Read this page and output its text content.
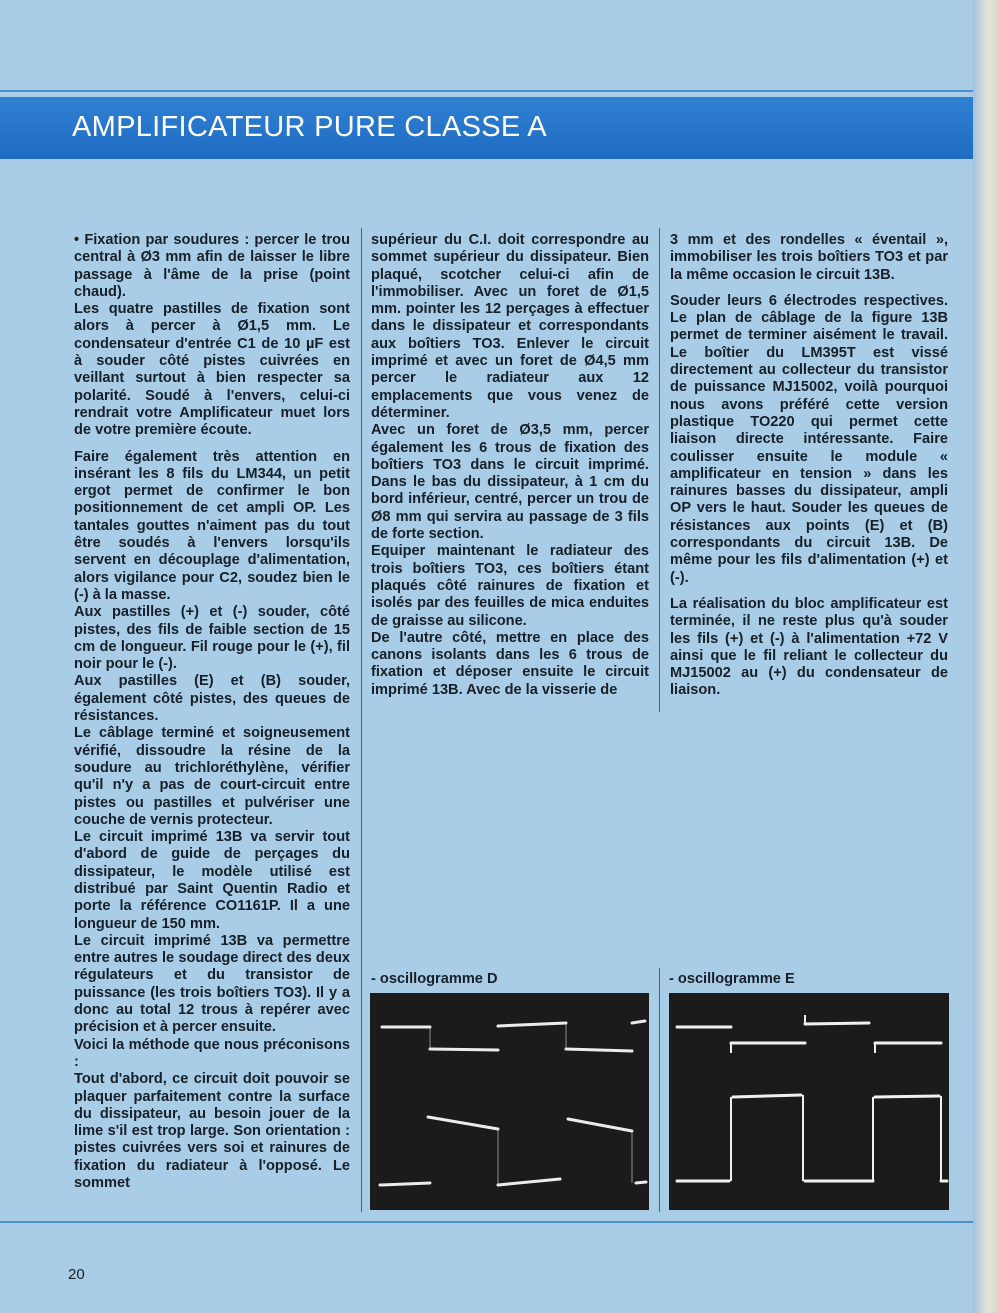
AMPLIFICATEUR PURE CLASSE A

• Fixation par soudures : percer le trou central à Ø3 mm afin de laisser le libre passage à l'âme de la prise (point chaud).

Les quatre pastilles de fixation sont alors à percer à Ø1,5 mm. Le condensateur d'entrée C1 de 10 µF est à souder côté pistes cuivrées en veillant surtout à bien respecter sa polarité. Soudé à l'envers, celui-ci rendrait votre Amplificateur muet lors de votre première écoute.

Faire également très attention en insérant les 8 fils du LM344, un petit ergot permet de confirmer le bon positionnement de cet ampli OP. Les tantales gouttes n'aiment pas du tout être soudés à l'envers lorsqu'ils servent en découplage d'alimentation, alors vigilance pour C2, soudez bien le (-) à la masse.

Aux pastilles (+) et (-) souder, côté pistes, des fils de faible section de 15 cm de longueur. Fil rouge pour le (+), fil noir pour le (-).

Aux pastilles (E) et (B) souder, également côté pistes, des queues de résistances.

Le câblage terminé et soigneusement vérifié, dissoudre la résine de la soudure au trichloréthylène, vérifier qu'il n'y a pas de court-circuit entre pistes ou pastilles et pulvériser une couche de vernis protecteur.

Le circuit imprimé 13B va servir tout d'abord de guide de perçages du dissipateur, le modèle utilisé est distribué par Saint Quentin Radio et porte la référence CO1161P. Il a une longueur de 150 mm.

Le circuit imprimé 13B va permettre entre autres le soudage direct des deux régulateurs et du transistor de puissance (les trois boîtiers TO3). Il y a donc au total 12 trous à repérer avec précision et à percer ensuite.

Voici la méthode que nous préconisons :

Tout d'abord, ce circuit doit pouvoir se plaquer parfaitement contre la surface du dissipateur, au besoin jouer de la lime s'il est trop large. Son orientation : pistes cuivrées vers soi et rainures de fixation du radiateur à l'opposé. Le sommet

supérieur du C.I. doit correspondre au sommet supérieur du dissipateur. Bien plaqué, scotcher celui-ci afin de l'immobiliser. Avec un foret de Ø1,5 mm. pointer les 12 perçages à effectuer dans le dissipateur et correspondants aux boîtiers TO3. Enlever le circuit imprimé et avec un foret de Ø4,5 mm percer le radiateur aux 12 emplacements que vous venez de déterminer.

Avec un foret de Ø3,5 mm, percer également les 6 trous de fixation des boîtiers TO3 dans le circuit imprimé. Dans le bas du dissipateur, à 1 cm du bord inférieur, centré, percer un trou de Ø8 mm qui servira au passage de 3 fils de forte section.

Equiper maintenant le radiateur des trois boîtiers TO3, ces boîtiers étant plaqués côté rainures de fixation et isolés par des feuilles de mica enduites de graisse au silicone.

De l'autre côté, mettre en place des canons isolants dans les 6 trous de fixation et déposer ensuite le circuit imprimé 13B. Avec de la visserie de

3 mm et des rondelles « éventail », immobiliser les trois boîtiers TO3 et par la même occasion le circuit 13B.

Souder leurs 6 électrodes respectives. Le plan de câblage de la figure 13B permet de terminer aisément le travail. Le boîtier du LM395T est vissé directement au collecteur du transistor de puissance MJ15002, voilà pourquoi nous avons préféré cette version plastique TO220 qui permet cette liaison directe intéressante. Faire coulisser ensuite le module « amplificateur en tension » dans les rainures basses du dissipateur, ampli OP vers le haut. Souder les queues de résistances aux points (E) et (B) correspondants du circuit 13B. De même pour les fils d'alimentation (+) et (-).

La réalisation du bloc amplificateur est terminée, il ne reste plus qu'à souder les fils (+) et (-) à l'alimentation +72 V ainsi que le fil reliant le collecteur du MJ15002 au (+) du condensateur de liaison.

- oscillogramme D	- oscillogramme E
20
